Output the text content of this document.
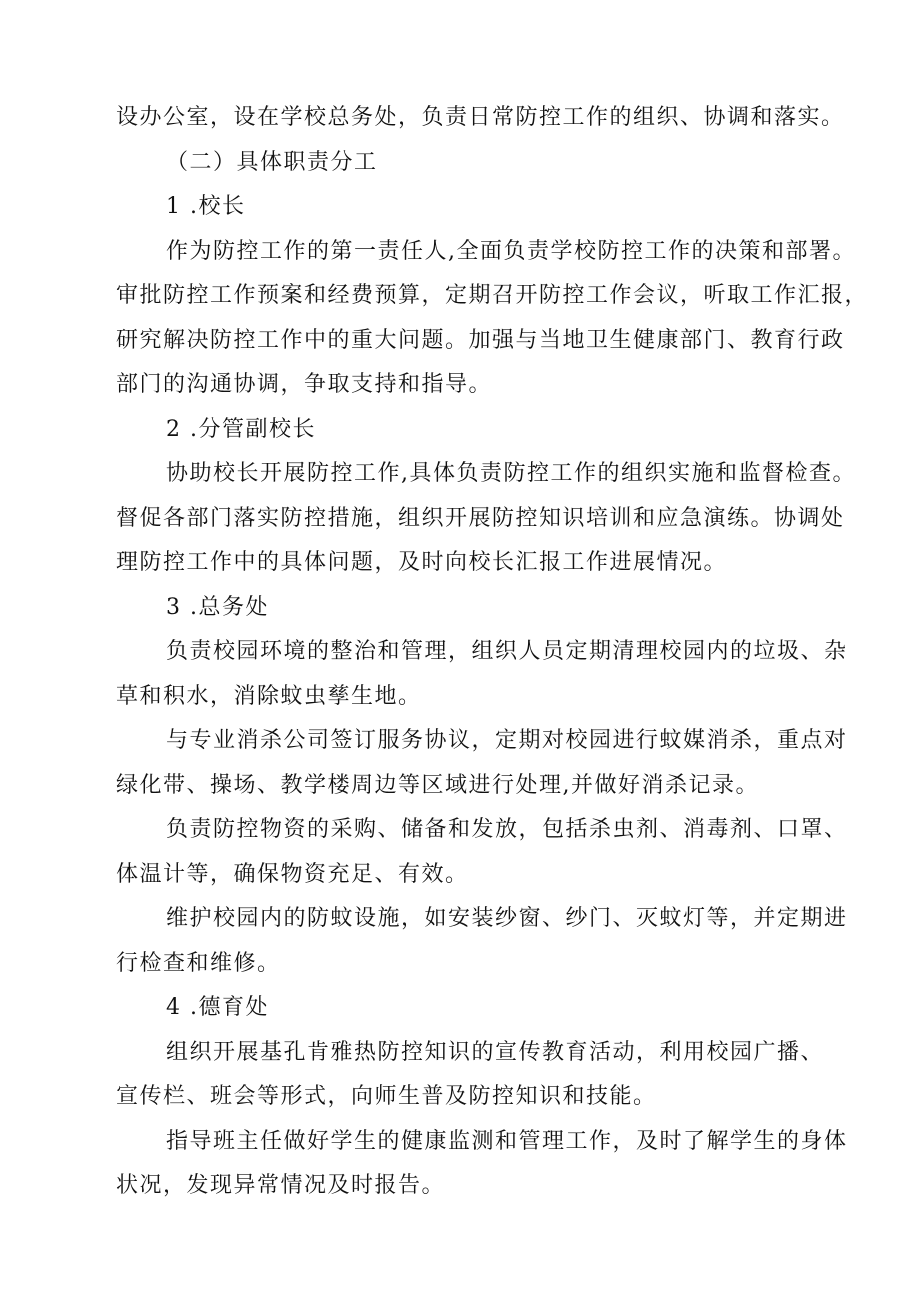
设办公室，设在学校总务处，负责日常防控工作的组织、协调和落实。
（二）具体职责分工
1 .校长
作为防控工作的第一责任人,全面负责学校防控工作的决策和部署。
审批防控工作预案和经费预算，定期召开防控工作会议，听取工作汇报，
研究解决防控工作中的重大问题。加强与当地卫生健康部门、教育行政
部门的沟通协调，争取支持和指导。
2 .分管副校长
协助校长开展防控工作,具体负责防控工作的组织实施和监督检查。
督促各部门落实防控措施，组织开展防控知识培训和应急演练。协调处
理防控工作中的具体问题，及时向校长汇报工作进展情况。
3 .总务处
负责校园环境的整治和管理，组织人员定期清理校园内的垃圾、杂
草和积水，消除蚊虫孳生地。
与专业消杀公司签订服务协议，定期对校园进行蚊媒消杀，重点对
绿化带、操场、教学楼周边等区域进行处理,并做好消杀记录。
负责防控物资的采购、储备和发放，包括杀虫剂、消毒剂、口罩、
体温计等，确保物资充足、有效。
维护校园内的防蚊设施，如安装纱窗、纱门、灭蚊灯等，并定期进
行检查和维修。
4 .德育处
组织开展基孔肯雅热防控知识的宣传教育活动，利用校园广播、
宣传栏、班会等形式，向师生普及防控知识和技能。
指导班主任做好学生的健康监测和管理工作，及时了解学生的身体
状况，发现异常情况及时报告。
